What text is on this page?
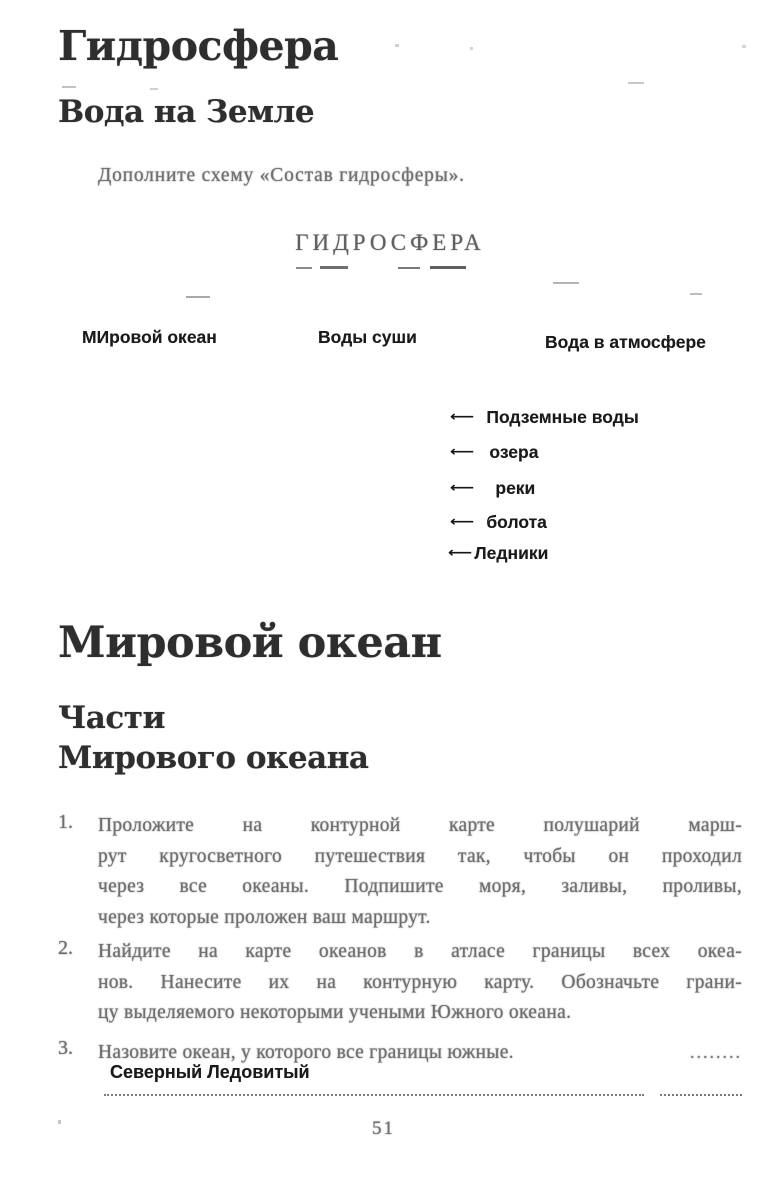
Гидросфера
Вода на Земле
Дополните схему «Состав гидросферы».
ГИДРОСФЕРА
МИровой океан	Воды суши	Вода в атмосфере
⟵ Подземные воды
⟵ озера
⟵ реки
⟵ болота
⟵ Ледники
Мировой океан
Части
Мирового океана
1.	Проложите на контурной карте полушарий марш-
рут кругосветного путешествия так, чтобы он проходил
через все океаны. Подпишите моря, заливы, проливы,
через которые проложен ваш маршрут.
2.	Найдите на карте океанов в атласе границы всех океа-
нов. Нанесите их на контурную карту. Обозначьте грани-
цу выделяемого некоторыми учеными Южного океана.
3.	Назовите океан, у которого все границы южные.	........
Северный Ледовитый
51
